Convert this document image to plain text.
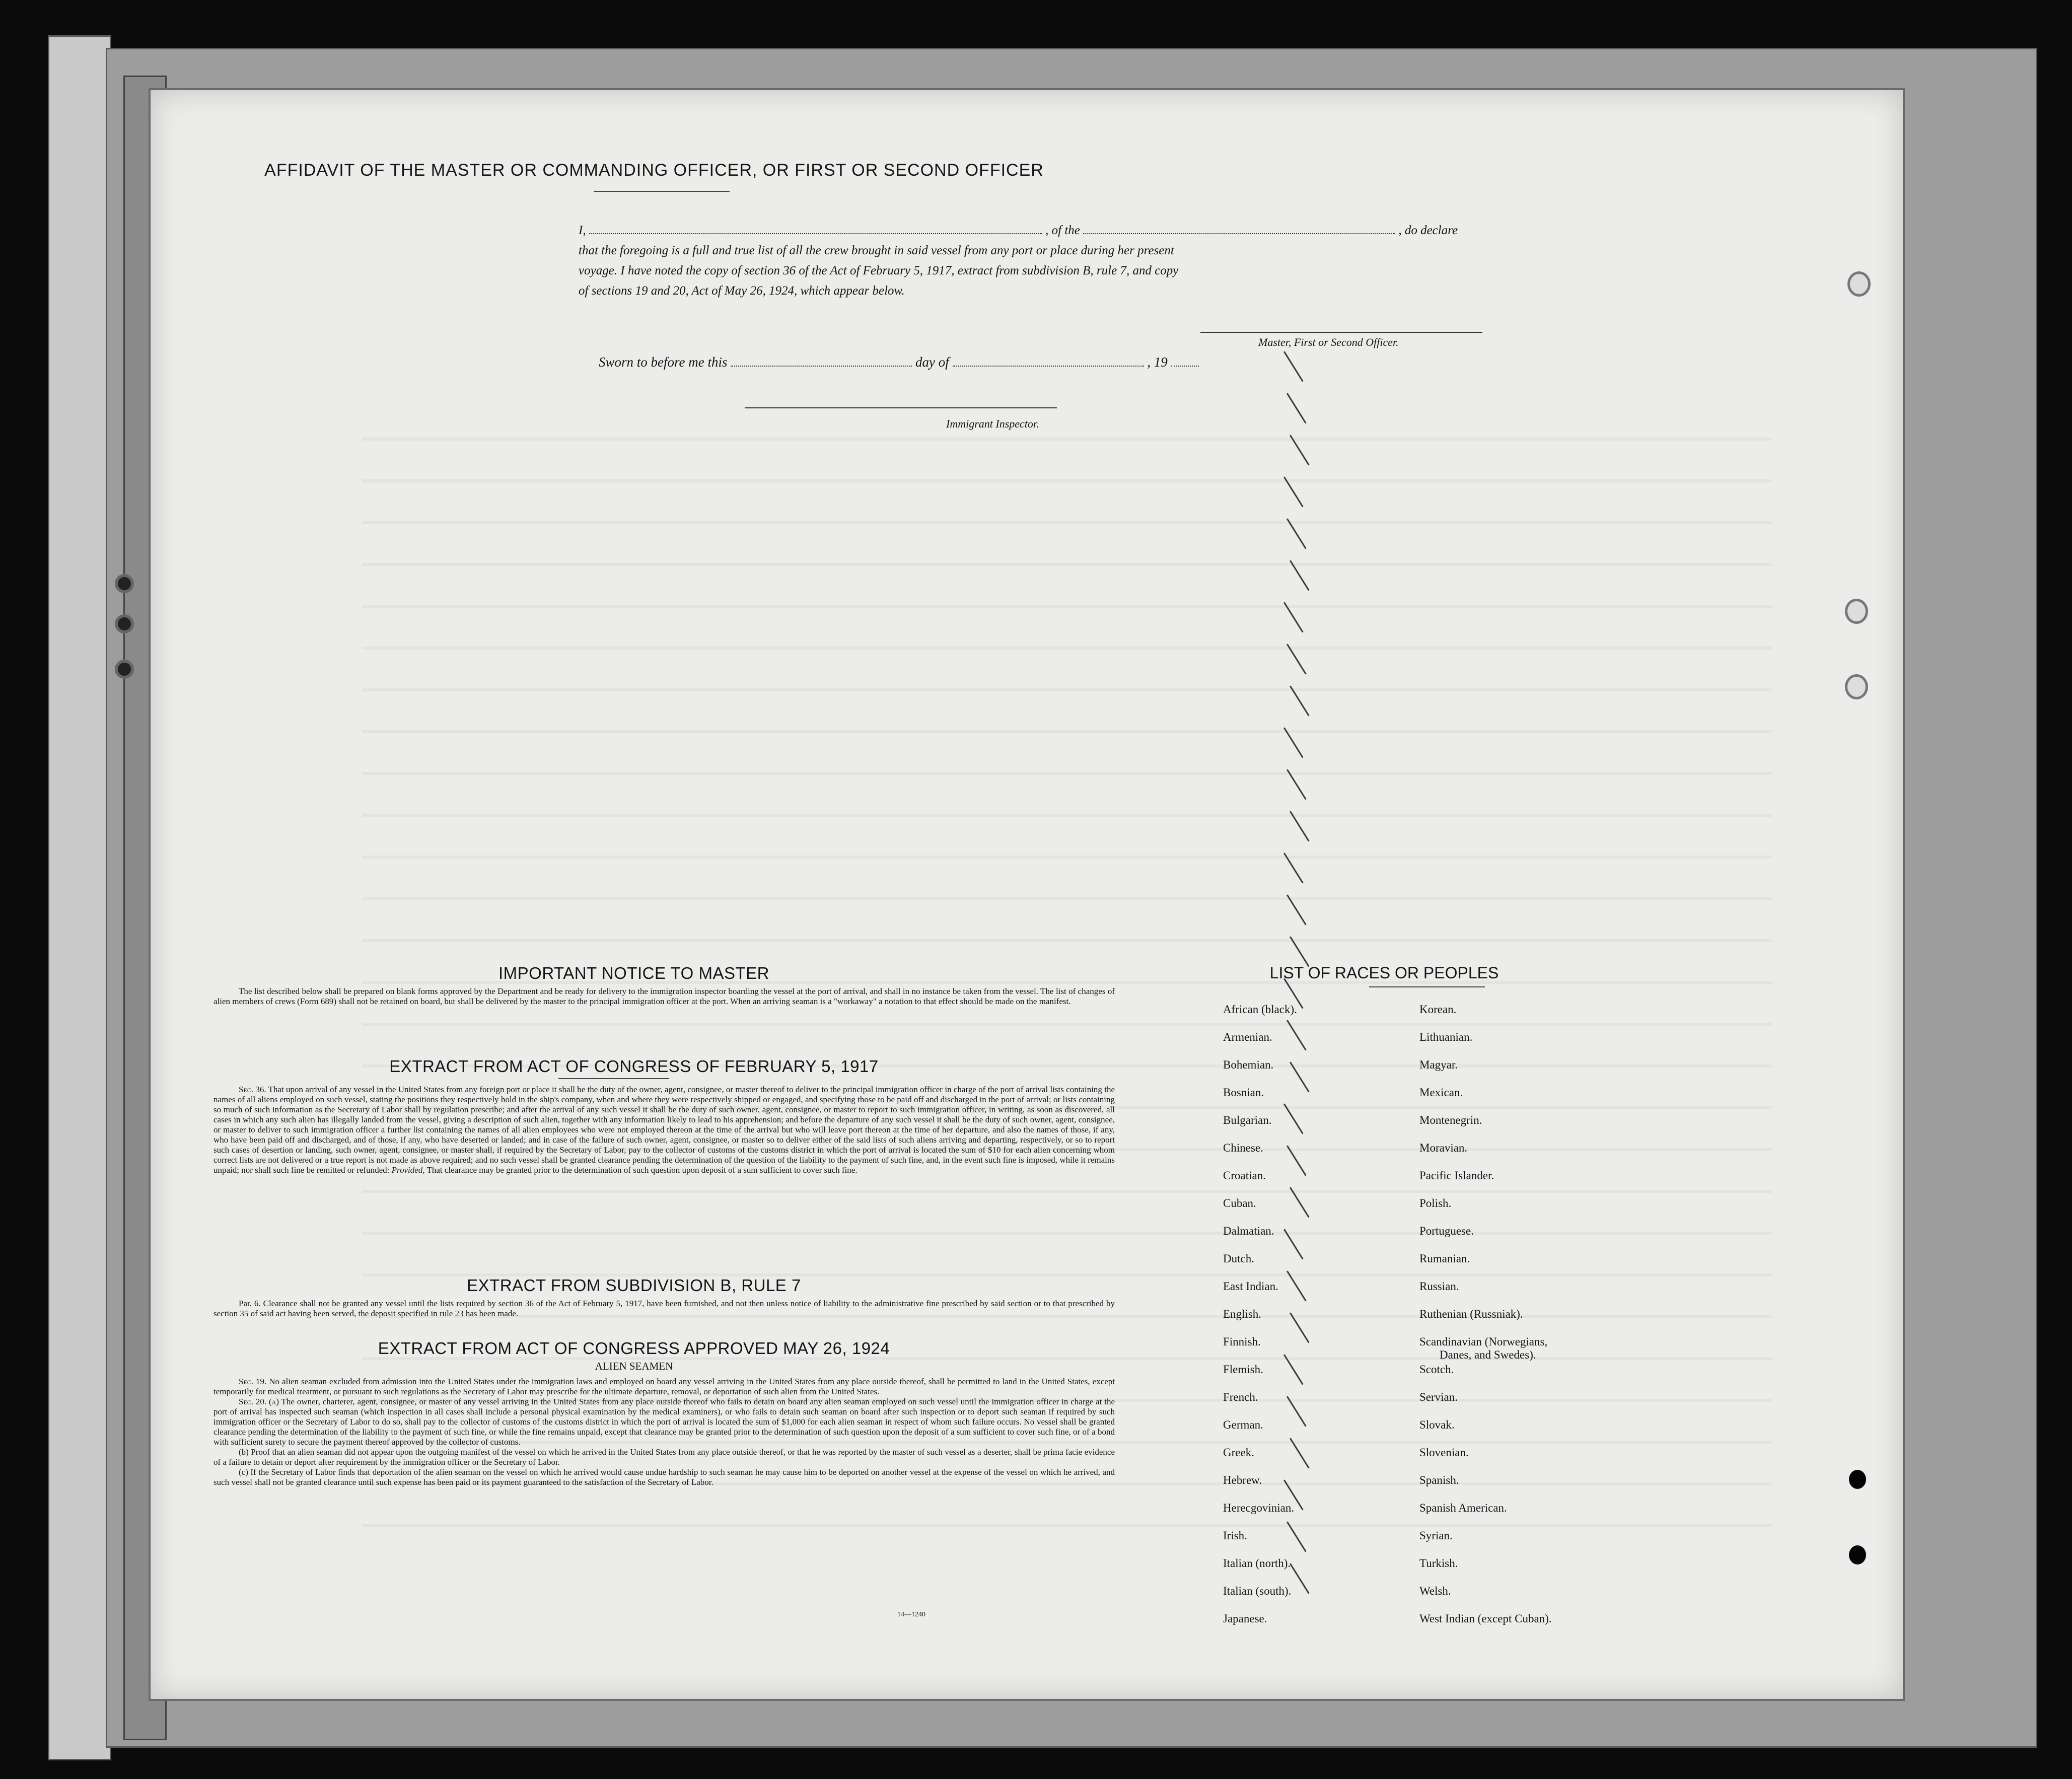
AFFIDAVIT OF THE MASTER OR COMMANDING OFFICER, OR FIRST OR SECOND OFFICER
I,	, of the	, do declare
that the foregoing is a full and true list of all the crew brought in said vessel from any port or place during her present
voyage. I have noted the copy of section 36 of the Act of February 5, 1917, extract from subdivision B, rule 7, and copy
of sections 19 and 20, Act of May 26, 1924, which appear below.
Master, First or Second Officer.
Sworn to before me this	day of	, 19
Immigrant Inspector.
IMPORTANT NOTICE TO MASTER

The list described below shall be prepared on blank forms approved by the Department and be ready for delivery to the immigration inspector boarding the vessel at the port of arrival, and shall in no instance be taken from the vessel. The list of changes of alien members of crews (Form 689) shall not be retained on board, but shall be delivered by the master to the principal immigration officer at the port. When an arriving seaman is a "workaway" a notation to that effect should be made on the manifest.

EXTRACT FROM ACT OF CONGRESS OF FEBRUARY 5, 1917

Sec. 36. That upon arrival of any vessel in the United States from any foreign port or place it shall be the duty of the owner, agent, consignee, or master thereof to deliver to the principal immigration officer in charge of the port of arrival lists containing the names of all aliens employed on such vessel, stating the positions they respectively hold in the ship's company, when and where they were respectively shipped or engaged, and specifying those to be paid off and discharged in the port of arrival; or lists containing so much of such information as the Secretary of Labor shall by regulation prescribe; and after the arrival of any such vessel it shall be the duty of such owner, agent, consignee, or master to report to such immigration officer, in writing, as soon as discovered, all cases in which any such alien has illegally landed from the vessel, giving a description of such alien, together with any information likely to lead to his apprehension; and before the departure of any such vessel it shall be the duty of such owner, agent, consignee, or master to deliver to such immigration officer a further list containing the names of all alien employees who were not employed thereon at the time of the arrival but who will leave port thereon at the time of her departure, and also the names of those, if any, who have been paid off and discharged, and of those, if any, who have deserted or landed; and in case of the failure of such owner, agent, consignee, or master so to deliver either of the said lists of such aliens arriving and departing, respectively, or so to report such cases of desertion or landing, such owner, agent, consignee, or master shall, if required by the Secretary of Labor, pay to the collector of customs of the customs district in which the port of arrival is located the sum of $10 for each alien concerning whom correct lists are not delivered or a true report is not made as above required; and no such vessel shall be granted clearance pending the determination of the question of the liability to the payment of such fine, and, in the event such fine is imposed, while it remains unpaid; nor shall such fine be remitted or refunded: Provided, That clearance may be granted prior to the determination of such question upon deposit of a sum sufficient to cover such fine.

EXTRACT FROM SUBDIVISION B, RULE 7

Par. 6. Clearance shall not be granted any vessel until the lists required by section 36 of the Act of February 5, 1917, have been furnished, and not then unless notice of liability to the administrative fine prescribed by said section or to that prescribed by section 35 of said act having been served, the deposit specified in rule 23 has been made.

EXTRACT FROM ACT OF CONGRESS APPROVED MAY 26, 1924
ALIEN SEAMEN

Sec. 19. No alien seaman excluded from admission into the United States under the immigration laws and employed on board any vessel arriving in the United States from any place outside thereof, shall be permitted to land in the United States, except temporarily for medical treatment, or pursuant to such regulations as the Secretary of Labor may prescribe for the ultimate departure, removal, or deportation of such alien from the United States.

Sec. 20. (a) The owner, charterer, agent, consignee, or master of any vessel arriving in the United States from any place outside thereof who fails to detain on board any alien seaman employed on such vessel until the immigration officer in charge at the port of arrival has inspected such seaman (which inspection in all cases shall include a personal physical examination by the medical examiners), or who fails to detain such seaman on board after such inspection or to deport such seaman if required by such immigration officer or the Secretary of Labor to do so, shall pay to the collector of customs of the customs district in which the port of arrival is located the sum of $1,000 for each alien seaman in respect of whom such failure occurs. No vessel shall be granted clearance pending the determination of the liability to the payment of such fine, or while the fine remains unpaid, except that clearance may be granted prior to the determination of such question upon the deposit of a sum sufficient to cover such fine, or of a bond with sufficient surety to secure the payment thereof approved by the collector of customs.

(b) Proof that an alien seaman did not appear upon the outgoing manifest of the vessel on which he arrived in the United States from any place outside thereof, or that he was reported by the master of such vessel as a deserter, shall be prima facie evidence of a failure to detain or deport after requirement by the immigration officer or the Secretary of Labor.

(c) If the Secretary of Labor finds that deportation of the alien seaman on the vessel on which he arrived would cause undue hardship to such seaman he may cause him to be deported on another vessel at the expense of the vessel on which he arrived, and such vessel shall not be granted clearance until such expense has been paid or its payment guaranteed to the satisfaction of the Secretary of Labor.

14—1240
LIST OF RACES OR PEOPLES
African (black).
Armenian.
Bohemian.
Bosnian.
Bulgarian.
Chinese.
Croatian.
Cuban.
Dalmatian.
Dutch.
East Indian.
English.
Finnish.
Flemish.
French.
German.
Greek.
Hebrew.
Herecgovinian.
Irish.
Italian (north).
Italian (south).
Japanese.
Korean.
Lithuanian.
Magyar.
Mexican.
Montenegrin.
Moravian.
Pacific Islander.
Polish.
Portuguese.
Rumanian.
Russian.
Ruthenian (Russniak).
Scandinavian (Norwegians,
Danes, and Swedes).
Scotch.
Servian.
Slovak.
Slovenian.
Spanish.
Spanish American.
Syrian.
Turkish.
Welsh.
West Indian (except Cuban).
